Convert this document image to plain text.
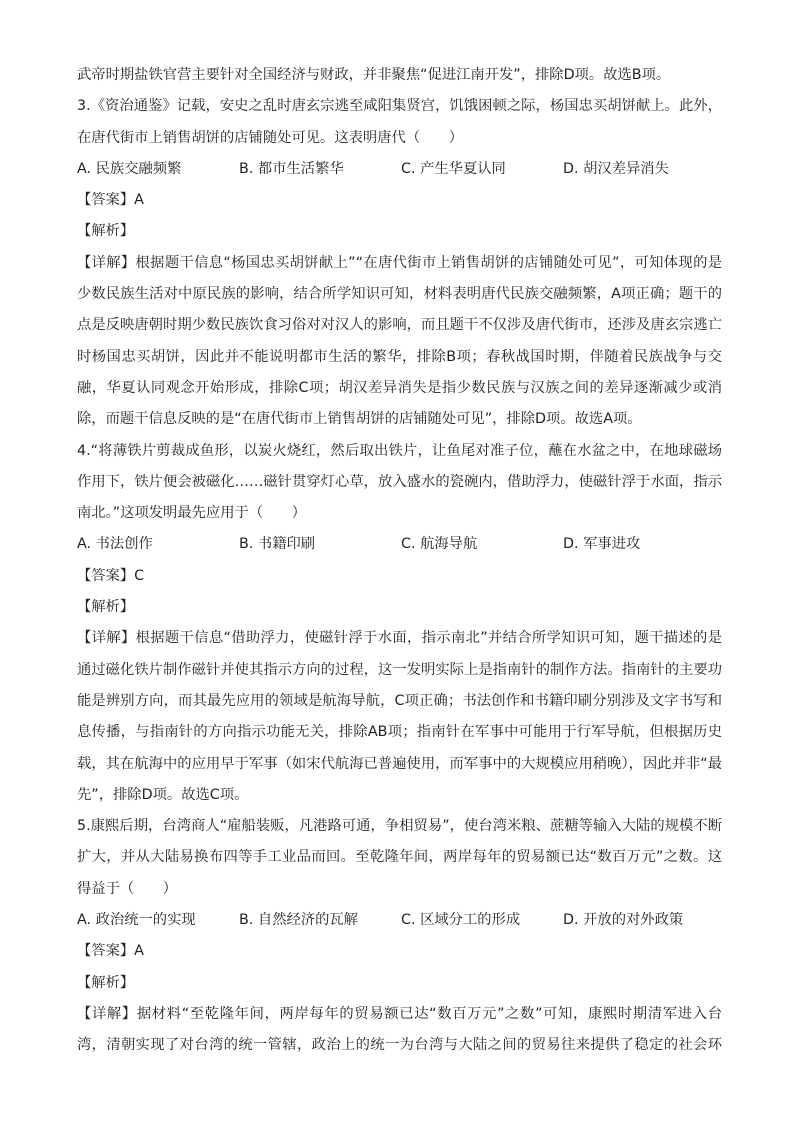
武帝时期盐铁官营主要针对全国经济与财政，并非聚焦“促进江南开发”，排除D项。故选B项。
3.《资治通鉴》记载，安史之乱时唐玄宗逃至咸阳集贤宫，饥饿困顿之际，杨国忠买胡饼献上。此外，
在唐代街市上销售胡饼的店铺随处可见。这表明唐代（　　）
A. 民族交融频繁	B. 都市生活繁华	C. 产生华夏认同	D. 胡汉差异消失
【答案】A
【解析】
【详解】根据题干信息“杨国忠买胡饼献上”“在唐代街市上销售胡饼的店铺随处可见”，可知体现的是
少数民族生活对中原民族的影响，结合所学知识可知，材料表明唐代民族交融频繁，A项正确；题干的
点是反映唐朝时期少数民族饮食习俗对对汉人的影响，而且题干不仅涉及唐代街市，还涉及唐玄宗逃亡
时杨国忠买胡饼，因此并不能说明都市生活的繁华，排除B项；春秋战国时期，伴随着民族战争与交
融，华夏认同观念开始形成，排除C项；胡汉差异消失是指少数民族与汉族之间的差异逐渐减少或消
除，而题干信息反映的是“在唐代街市上销售胡饼的店铺随处可见”，排除D项。故选A项。
4.“将薄铁片剪裁成鱼形，以炭火烧红，然后取出铁片，让鱼尾对准子位，蘸在水盆之中，在地球磁场
作用下，铁片便会被磁化……磁针贯穿灯心草，放入盛水的瓷碗内，借助浮力，使磁针浮于水面，指示
南北。”这项发明最先应用于（　　）
A. 书法创作	B. 书籍印刷	C. 航海导航	D. 军事进攻
【答案】C
【解析】
【详解】根据题干信息“借助浮力，使磁针浮于水面，指示南北”并结合所学知识可知，题干描述的是
通过磁化铁片制作磁针并使其指示方向的过程，这一发明实际上是指南针的制作方法。指南针的主要功
能是辨别方向，而其最先应用的领域是航海导航，C项正确；书法创作和书籍印刷分别涉及文字书写和
息传播，与指南针的方向指示功能无关，排除AB项；指南针在军事中可能用于行军导航，但根据历史
载，其在航海中的应用早于军事（如宋代航海已普遍使用，而军事中的大规模应用稍晚），因此并非“最
先”，排除D项。故选C项。
5.康熙后期，台湾商人“雇船装贩，凡港路可通，争相贸易”，使台湾米粮、蔗糖等输入大陆的规模不断
扩大，并从大陆易换布四等手工业品而回。至乾隆年间，两岸每年的贸易额已达“数百万元”之数。这
得益于（　　）
A. 政治统一的实现	B. 自然经济的瓦解	C. 区域分工的形成	D. 开放的对外政策
【答案】A
【解析】
【详解】据材料“至乾隆年间，两岸每年的贸易额已达“数百万元”之数”可知，康熙时期清军进入台
湾，清朝实现了对台湾的统一管辖，政治上的统一为台湾与大陆之间的贸易往来提供了稳定的社会环
